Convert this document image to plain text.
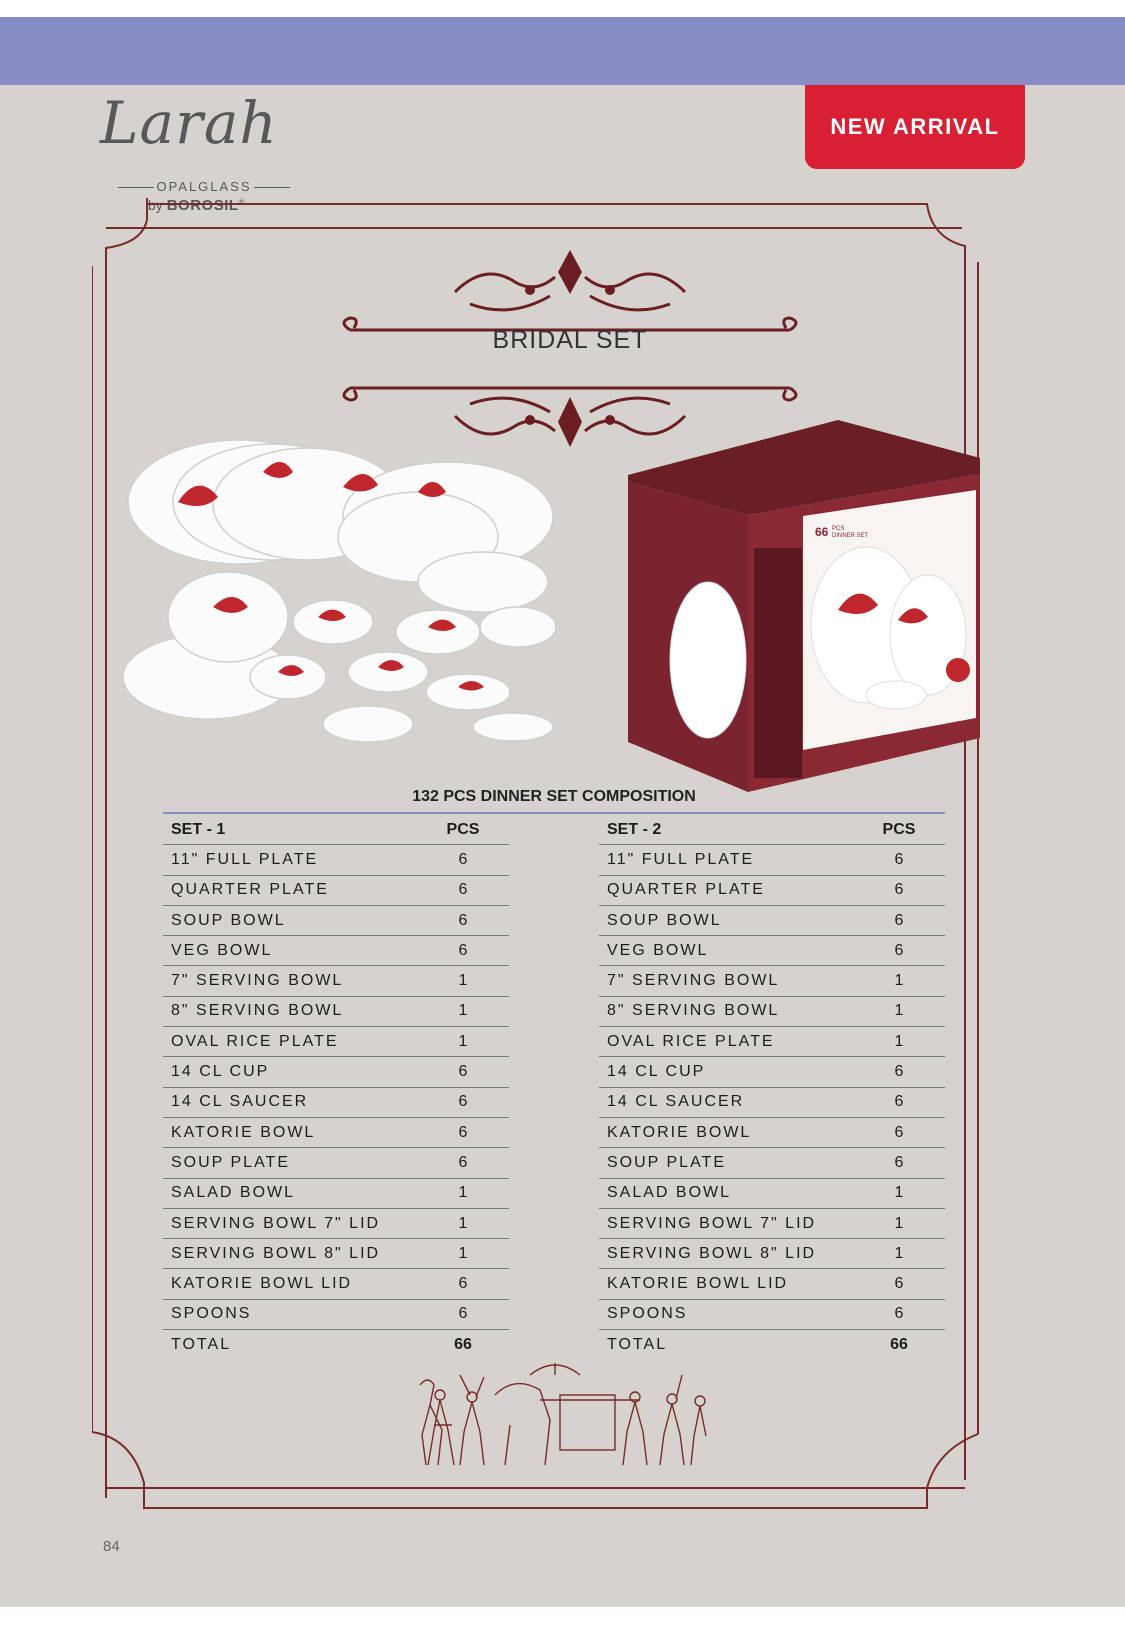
Larah
OPALGLASS
by BOROSIL®
NEW ARRIVAL
BRIDAL SET
66 PCS
DINNER SET
132 PCS DINNER SET COMPOSITION
SET - 1	PCS
11" FULL PLATE	6
QUARTER PLATE	6
SOUP BOWL	6
VEG BOWL	6
7" SERVING BOWL	1
8" SERVING BOWL	1
OVAL RICE PLATE	1
14 CL CUP	6
14 CL SAUCER	6
KATORIE BOWL	6
SOUP PLATE	6
SALAD BOWL	1
SERVING BOWL 7" LID	1
SERVING BOWL 8" LID	1
KATORIE BOWL LID	6
SPOONS	6
TOTAL	66
SET - 2	PCS
11" FULL PLATE	6
QUARTER PLATE	6
SOUP BOWL	6
VEG BOWL	6
7" SERVING BOWL	1
8" SERVING BOWL	1
OVAL RICE PLATE	1
14 CL CUP	6
14 CL SAUCER	6
KATORIE BOWL	6
SOUP PLATE	6
SALAD BOWL	1
SERVING BOWL 7" LID	1
SERVING BOWL 8" LID	1
KATORIE BOWL LID	6
SPOONS	6
TOTAL	66
84
